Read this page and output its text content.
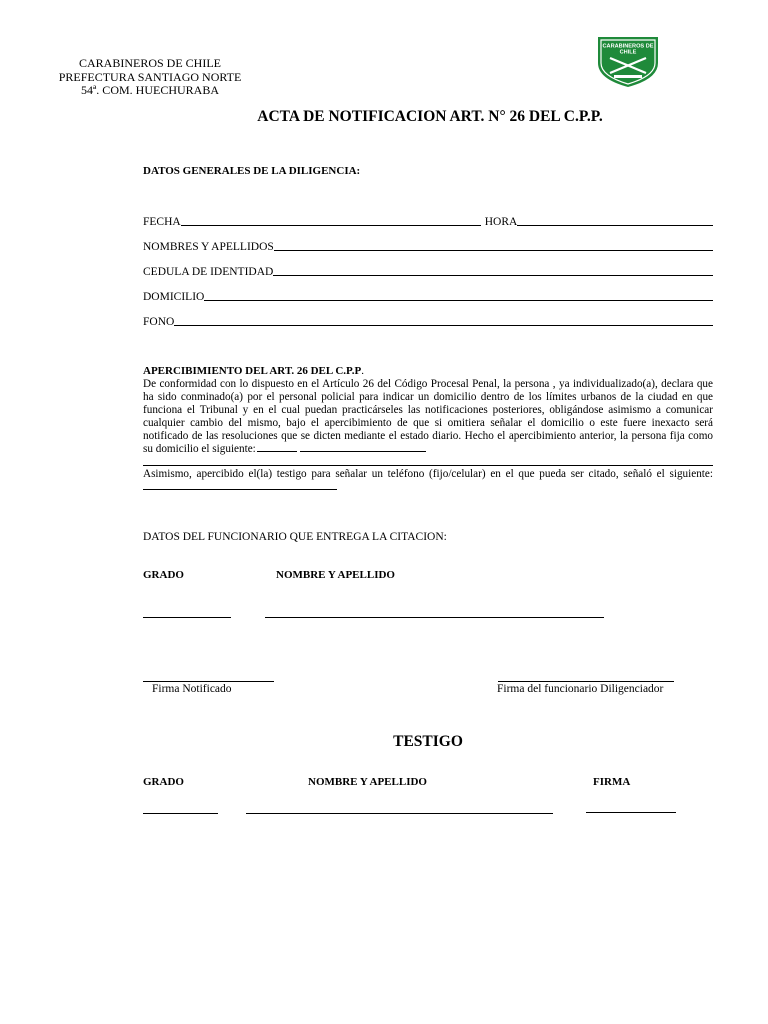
CARABINEROS DE CHILE
PREFECTURA SANTIAGO NORTE
54ª. COM. HUECHURABA
CARABINEROS DE
CHILE
ACTA DE NOTIFICACION ART. N° 26 DEL C.P.P.
DATOS GENERALES DE LA DILIGENCIA:
FECHA	HORA
NOMBRES Y APELLIDOS
CEDULA DE IDENTIDAD
DOMICILIO
FONO
APERCIBIMIENTO DEL ART. 26 DEL C.P.P.
De conformidad con lo dispuesto en el Artículo 26 del Código Procesal Penal, la persona , ya individualizado(a), declara que ha sido conminado(a) por el personal policial para indicar un domicilio dentro de los límites urbanos de la ciudad en que funciona el Tribunal y en el cual puedan practicárseles las notificaciones posteriores, obligándose asimismo a comunicar cualquier cambio del mismo, bajo el apercibimiento de que si omitiera señalar el domicilio o este fuere inexacto será notificado de las resoluciones que se dicten mediante el estado diario. Hecho el apercibimiento anterior, la persona fija como su domicilio el siguiente:
Asimismo, apercibido el(la) testigo para señalar un teléfono (fijo/celular) en el que pueda ser citado, señaló el siguiente:
DATOS DEL FUNCIONARIO QUE ENTREGA LA CITACION:
GRADO	NOMBRE Y APELLIDO
Firma Notificado	Firma del funcionario Diligenciador
TESTIGO
GRADO	NOMBRE Y APELLIDO	FIRMA
